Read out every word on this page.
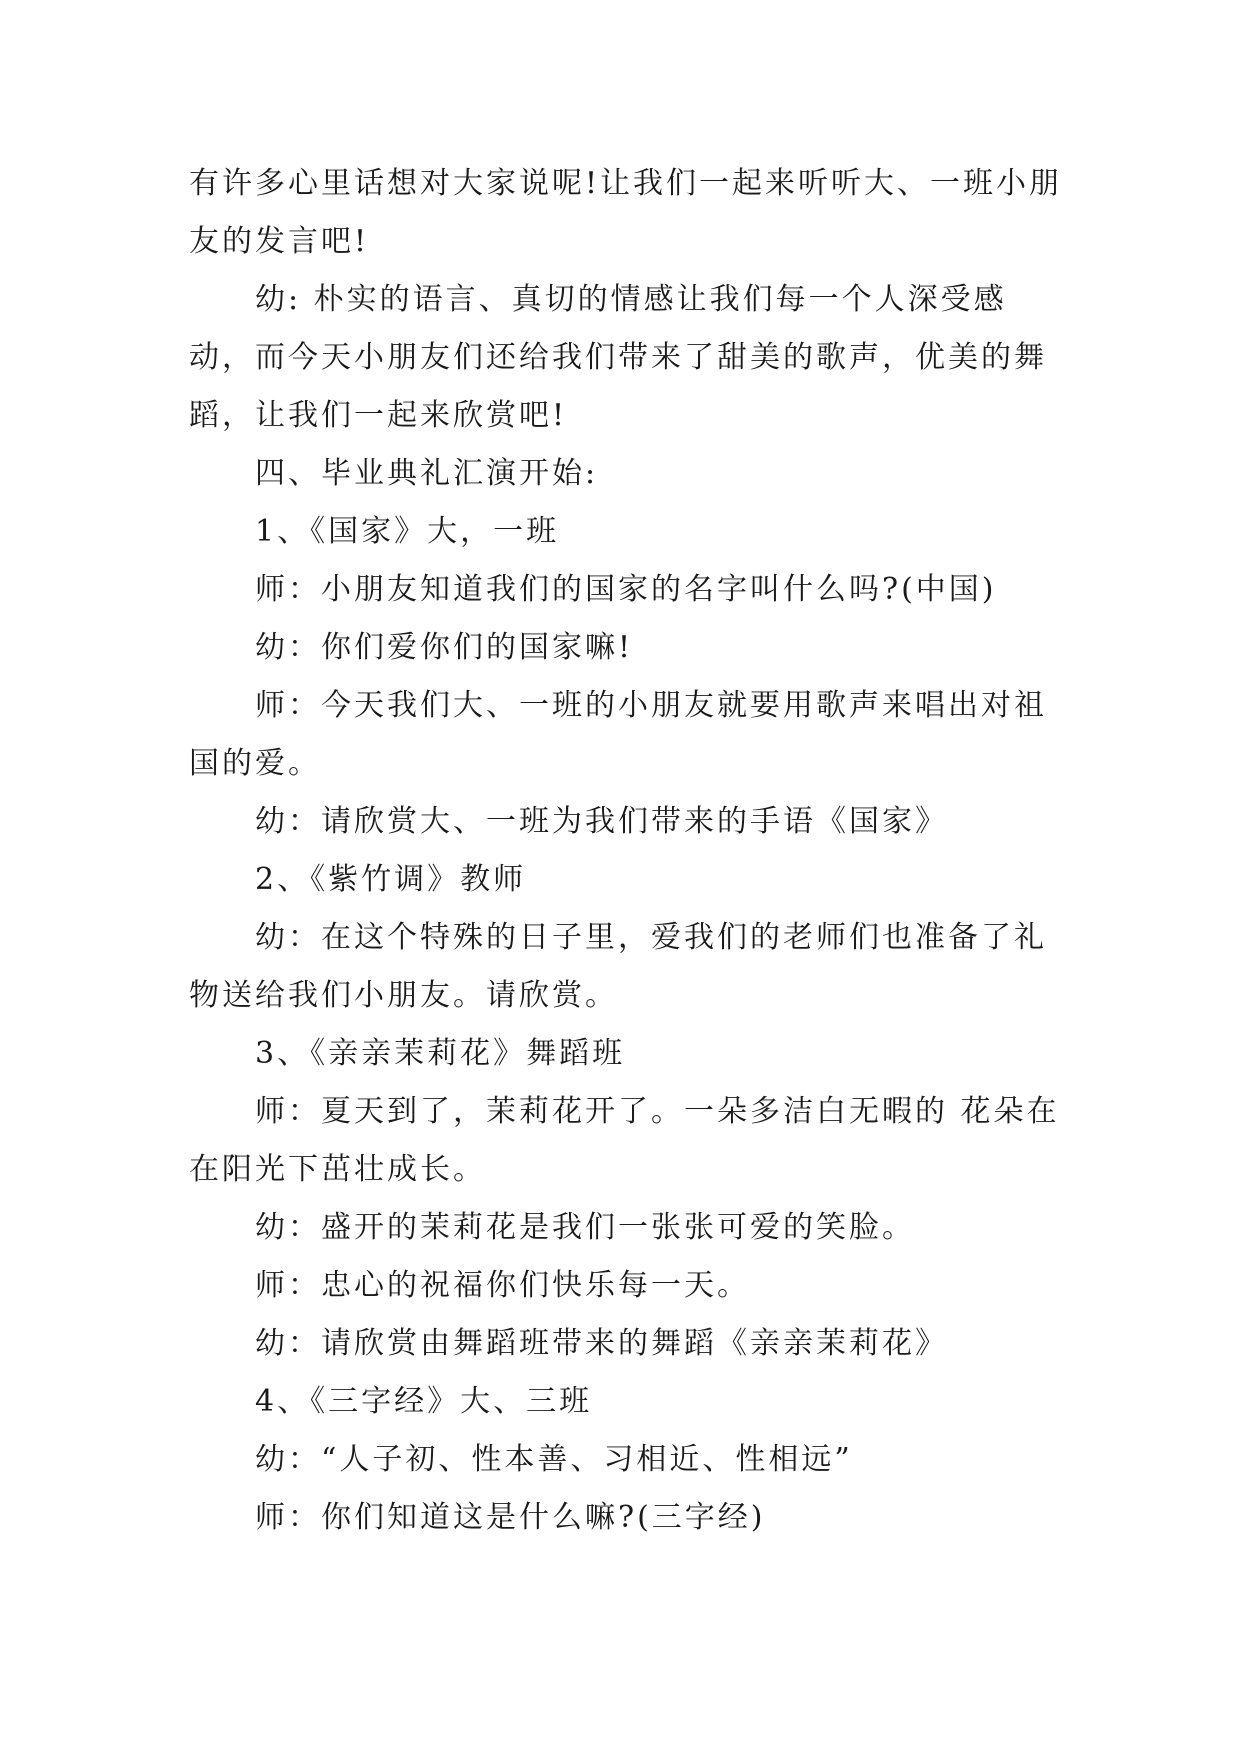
有许多心里话想对大家说呢!让我们一起来听听大、一班小朋友的发言吧!

幼: 朴实的语言、真切的情感让我们每一个人深受感动，而今天小朋友们还给我们带来了甜美的歌声，优美的舞蹈，让我们一起来欣赏吧!

四、毕业典礼汇演开始:

1、《国家》大，一班

师：小朋友知道我们的国家的名字叫什么吗?(中国)

幼：你们爱你们的国家嘛!

师：今天我们大、一班的小朋友就要用歌声来唱出对祖国的爱。

幼：请欣赏大、一班为我们带来的手语《国家》

2、《紫竹调》教师

幼：在这个特殊的日子里，爱我们的老师们也准备了礼物送给我们小朋友。请欣赏。

3、《亲亲茉莉花》舞蹈班

师：夏天到了，茉莉花开了。一朵多洁白无暇的 花朵在在阳光下茁壮成长。

幼：盛开的茉莉花是我们一张张可爱的笑脸。

师：忠心的祝福你们快乐每一天。

幼：请欣赏由舞蹈班带来的舞蹈《亲亲茉莉花》

4、《三字经》大、三班

幼：“人子初、性本善、习相近、性相远”

师：你们知道这是什么嘛?(三字经)
